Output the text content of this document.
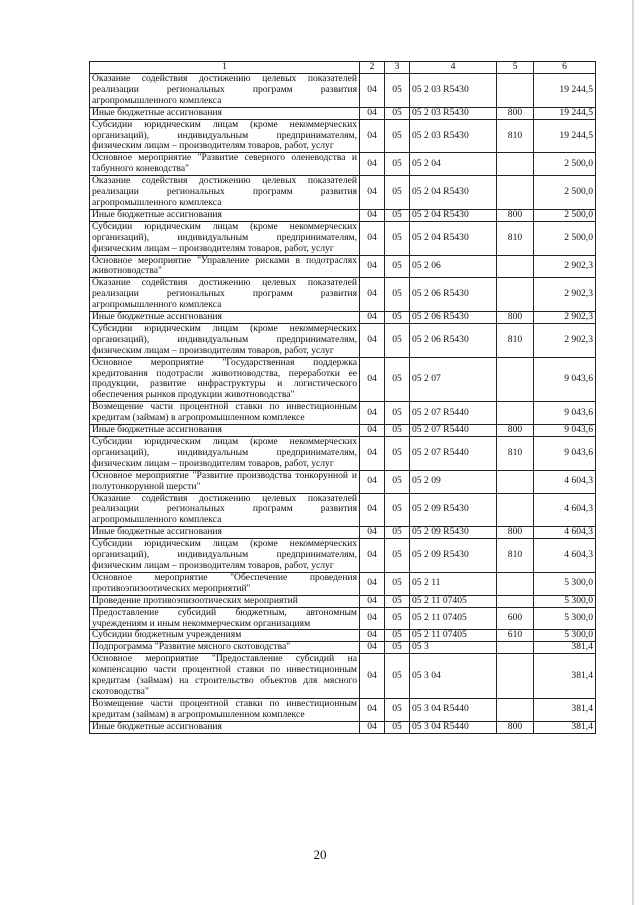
1	2	3	4	5	6
Оказание содействия достижению целевых показателей реализации региональных программ развития агропромышленного комплекса	04	05	05 2 03 R5430		19 244,5
Иные бюджетные ассигнования	04	05	05 2 03 R5430	800	19 244,5
Субсидии юридическим лицам (кроме некоммерческих организаций), индивидуальным предпринимателям, физическим лицам – производителям товаров, работ, услуг	04	05	05 2 03 R5430	810	19 244,5
Основное мероприятие "Развитие северного оленеводства и табунного коневодства"	04	05	05 2 04		2 500,0
Оказание содействия достижению целевых показателей реализации региональных программ развития агропромышленного комплекса	04	05	05 2 04 R5430		2 500,0
Иные бюджетные ассигнования	04	05	05 2 04 R5430	800	2 500,0
Субсидии юридическим лицам (кроме некоммерческих организаций), индивидуальным предпринимателям, физическим лицам – производителям товаров, работ, услуг	04	05	05 2 04 R5430	810	2 500,0
Основное мероприятие "Управление рисками в подотраслях животноводства"	04	05	05 2 06		2 902,3
Оказание содействия достижению целевых показателей реализации региональных программ развития агропромышленного комплекса	04	05	05 2 06 R5430		2 902,3
Иные бюджетные ассигнования	04	05	05 2 06 R5430	800	2 902,3
Субсидии юридическим лицам (кроме некоммерческих организаций), индивидуальным предпринимателям, физическим лицам – производителям товаров, работ, услуг	04	05	05 2 06 R5430	810	2 902,3
Основное мероприятие "Государственная поддержка кредитования подотрасли животноводства, переработки ее продукции, развитие инфраструктуры и логистического обеспечения рынков продукции животноводства"	04	05	05 2 07		9 043,6
Возмещение части процентной ставки по инвестиционным кредитам (займам) в агропромышленном комплексе	04	05	05 2 07 R5440		9 043,6
Иные бюджетные ассигнования	04	05	05 2 07 R5440	800	9 043,6
Субсидии юридическим лицам (кроме некоммерческих организаций), индивидуальным предпринимателям, физическим лицам – производителям товаров, работ, услуг	04	05	05 2 07 R5440	810	9 043,6
Основное мероприятие "Развитие производства тонкорунной и полутонкорунной шерсти"	04	05	05 2 09		4 604,3
Оказание содействия достижению целевых показателей реализации региональных программ развития агропромышленного комплекса	04	05	05 2 09 R5430		4 604,3
Иные бюджетные ассигнования	04	05	05 2 09 R5430	800	4 604,3
Субсидии юридическим лицам (кроме некоммерческих организаций), индивидуальным предпринимателям, физическим лицам – производителям товаров, работ, услуг	04	05	05 2 09 R5430	810	4 604,3
Основное мероприятие "Обеспечение проведения противоэпизоотических мероприятий"	04	05	05 2 11		5 300,0
Проведение противоэпизоотических мероприятий	04	05	05 2 11 07405		5 300,0
Предоставление субсидий бюджетным, автономным учреждениям и иным некоммерческим организациям	04	05	05 2 11 07405	600	5 300,0
Субсидии бюджетным учреждениям	04	05	05 2 11 07405	610	5 300,0
Подпрограмма "Развитие мясного скотоводства"	04	05	05 3		381,4
Основное мероприятие "Предоставление субсидий на компенсацию части процентной ставки по инвестиционным кредитам (займам) на строительство объектов для мясного скотоводства"	04	05	05 3 04		381,4
Возмещение части процентной ставки по инвестиционным кредитам (займам) в агропромышленном комплексе	04	05	05 3 04 R5440		381,4
Иные бюджетные ассигнования	04	05	05 3 04 R5440	800	381,4
20
